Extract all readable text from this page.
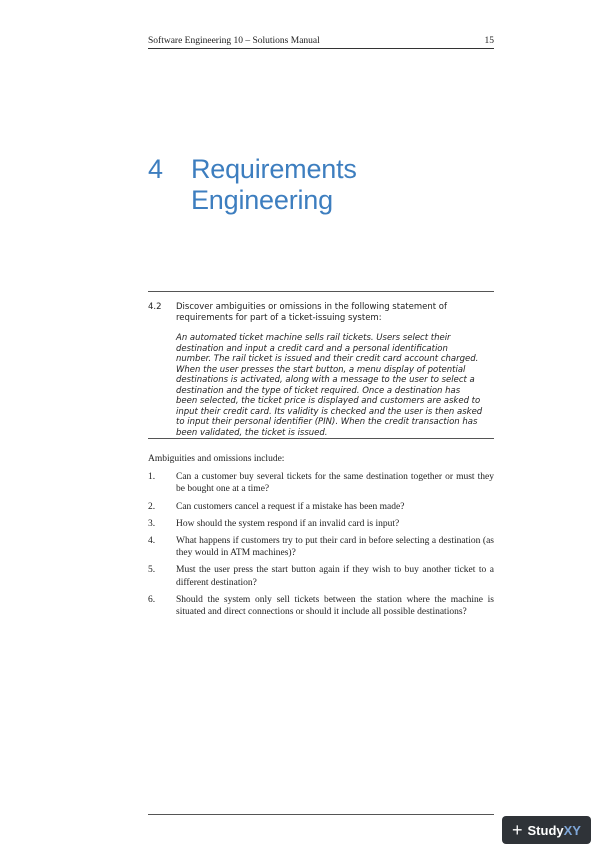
Software Engineering 10 – Solutions Manual	15
4	Requirements
Engineering
4.2	Discover ambiguities or omissions in the following statement of requirements for part of a ticket-issuing system:
An automated ticket machine sells rail tickets. Users select their destination and input a credit card and a personal identification number. The rail ticket is issued and their credit card account charged. When the user presses the start button, a menu display of potential destinations is activated, along with a message to the user to select a destination and the type of ticket required. Once a destination has been selected, the ticket price is displayed and customers are asked to input their credit card. Its validity is checked and the user is then asked to input their personal identifier (PIN). When the credit transaction has been validated, the ticket is issued.
Ambiguities and omissions include:
1.	Can a customer buy several tickets for the same destination together or must they be bought one at a time?
2.	Can customers cancel a request if a mistake has been made?
3.	How should the system respond if an invalid card is input?
4.	What happens if customers try to put their card in before selecting a destination (as they would in ATM machines)?
5.	Must the user press the start button again if they wish to buy another ticket to a different destination?
6.	Should the system only sell tickets between the station where the machine is situated and direct connections or should it include all possible destinations?
+ Study XY
